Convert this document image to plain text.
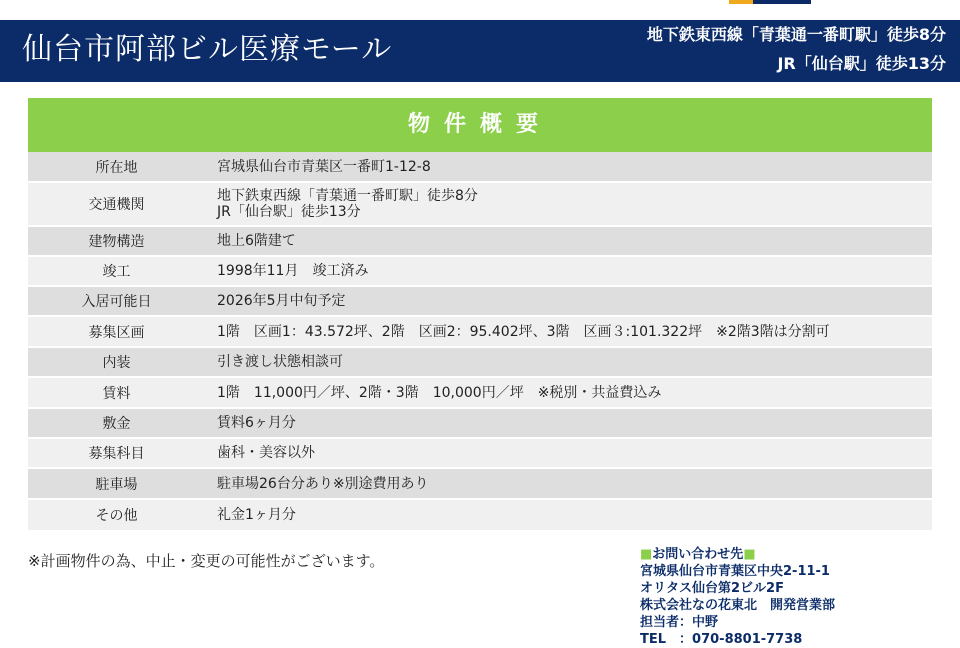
仙台市阿部ビル医療モール	地下鉄東西線「青葉通一番町駅」徒歩8分
JR「仙台駅」徒歩13分
物件概要
所在地	宮城県仙台市青葉区一番町1-12-8

交通機関	地下鉄東西線「青葉通一番町駅」徒歩8分
JR「仙台駅」徒歩13分

建物構造	地上6階建て

竣工	1998年11月　竣工済み

入居可能日	2026年5月中旬予定

募集区画	1階　区画1：43.572坪、2階　区画2：95.402坪、3階　区画３:101.322坪　※2階3階は分割可

内装	引き渡し状態相談可

賃料	1階　11,000円／坪、2階・3階　10,000円／坪　※税別・共益費込み

敷金	賃料6ヶ月分

募集科目	歯科・美容以外

駐車場	駐車場26台分あり※別途費用あり

その他	礼金1ヶ月分
※計画物件の為、中止・変更の可能性がございます。	■お問い合わせ先■
宮城県仙台市青葉区中央2-11-1
オリタス仙台第2ビル2F
株式会社なの花東北　開発営業部
担当者：中野
TEL　：070-8801-7738
